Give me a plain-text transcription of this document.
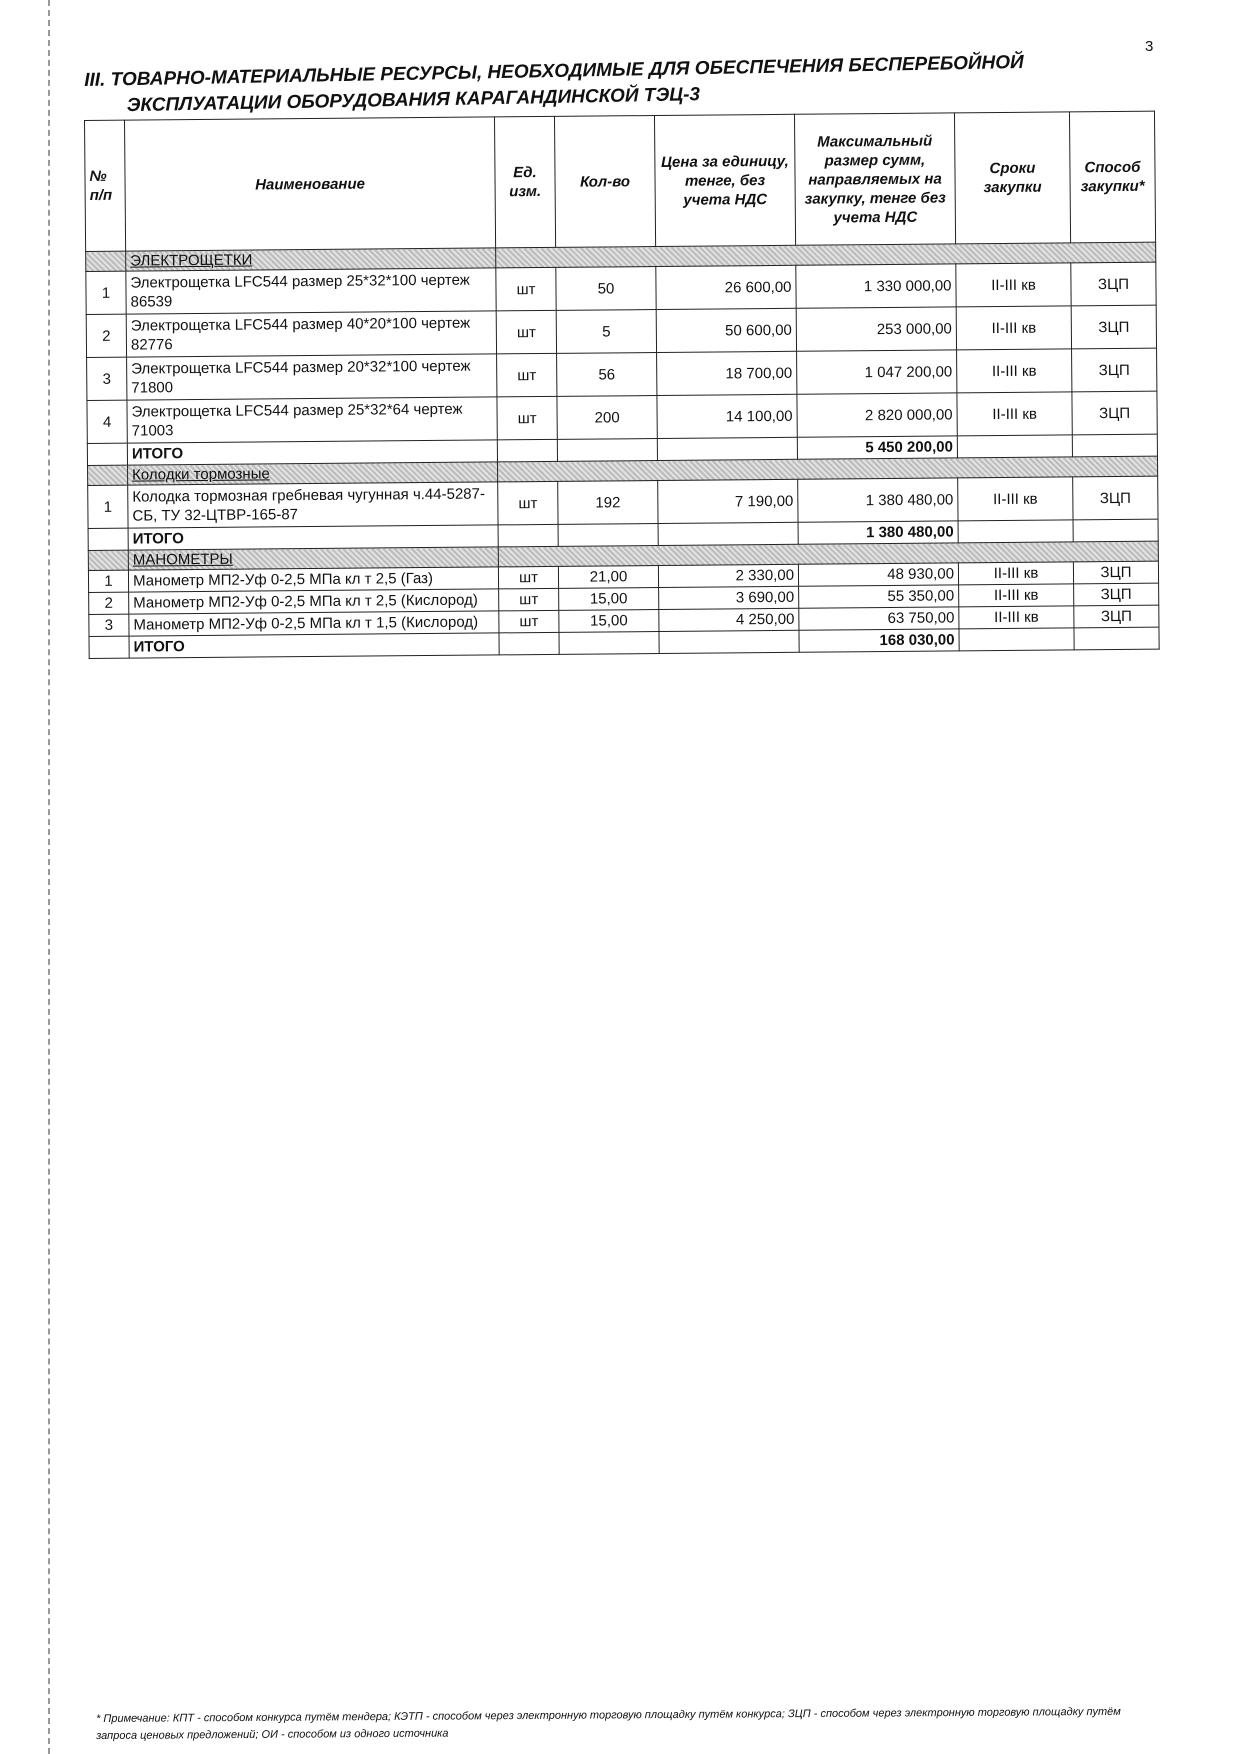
3
III. ТОВАРНО-МАТЕРИАЛЬНЫЕ РЕСУРСЫ, НЕОБХОДИМЫЕ ДЛЯ ОБЕСПЕЧЕНИЯ БЕСПЕРЕБОЙНОЙ
ЭКСПЛУАТАЦИИ ОБОРУДОВАНИЯ КАРАГАНДИНСКОЙ ТЭЦ-3
№ п/п	Наименование	Ед. изм.	Кол-во	Цена за единицу, тенге, без учета НДС	Максимальный размер сумм, направляемых на закупку, тенге без учета НДС	Сроки закупки	Способ закупки*
	ЭЛЕКТРОЩЕТКИ						
1	Электрощетка LFC544 размер 25*32*100 чертеж 86539	шт	50	26 600,00	1 330 000,00	II-III кв	ЗЦП
2	Электрощетка LFC544 размер 40*20*100 чертеж 82776	шт	5	50 600,00	253 000,00	II-III кв	ЗЦП
3	Электрощетка LFC544 размер 20*32*100 чертеж 71800	шт	56	18 700,00	1 047 200,00	II-III кв	ЗЦП
4	Электрощетка LFC544 размер 25*32*64 чертеж 71003	шт	200	14 100,00	2 820 000,00	II-III кв	ЗЦП
	ИТОГО				5 450 200,00		
	Колодки тормозные						
1	Колодка тормозная гребневая чугунная ч.44-5287-СБ, ТУ 32-ЦТВР-165-87	шт	192	7 190,00	1 380 480,00	II-III кв	ЗЦП
	ИТОГО				1 380 480,00		
	МАНОМЕТРЫ						
1	Манометр МП2-Уф 0-2,5 МПа кл т 2,5 (Газ)	шт	21,00	2 330,00	48 930,00	II-III кв	ЗЦП
2	Манометр МП2-Уф 0-2,5 МПа кл т 2,5 (Кислород)	шт	15,00	3 690,00	55 350,00	II-III кв	ЗЦП
3	Манометр МП2-Уф 0-2,5 МПа кл т 1,5 (Кислород)	шт	15,00	4 250,00	63 750,00	II-III кв	ЗЦП
	ИТОГО				168 030,00		
* Примечание: КПТ - способом конкурса путём тендера; КЭТП - способом через электронную торговую площадку путём конкурса; ЗЦП - способом через электронную торговую площадку путём запроса ценовых предложений; ОИ - способом из одного источника
